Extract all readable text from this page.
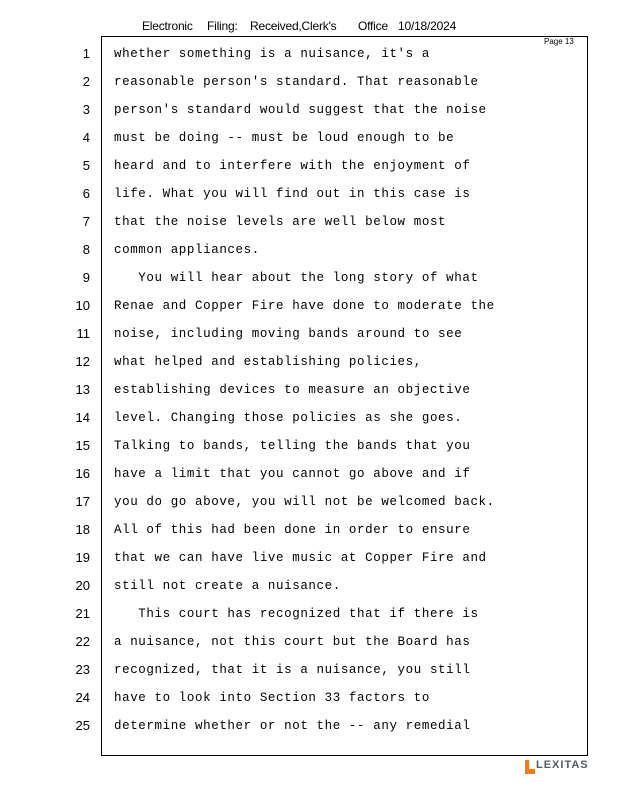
Electronic Filing: Received,Clerk's Office 10/18/2024
Page 13
1 whether something is a nuisance, it's a
2 reasonable person's standard. That reasonable
3 person's standard would suggest that the noise
4 must be doing -- must be loud enough to be
5 heard and to interfere with the enjoyment of
6 life. What you will find out in this case is
7 that the noise levels are well below most
8 common appliances.
9 You will hear about the long story of what
10 Renae and Copper Fire have done to moderate the
11 noise, including moving bands around to see
12 what helped and establishing policies,
13 establishing devices to measure an objective
14 level. Changing those policies as she goes.
15 Talking to bands, telling the bands that you
16 have a limit that you cannot go above and if
17 you do go above, you will not be welcomed back.
18 All of this had been done in order to ensure
19 that we can have live music at Copper Fire and
20 still not create a nuisance.
21 This court has recognized that if there is
22 a nuisance, not this court but the Board has
23 recognized, that it is a nuisance, you still
24 have to look into Section 33 factors to
25 determine whether or not the -- any remedial
LEXITAS
